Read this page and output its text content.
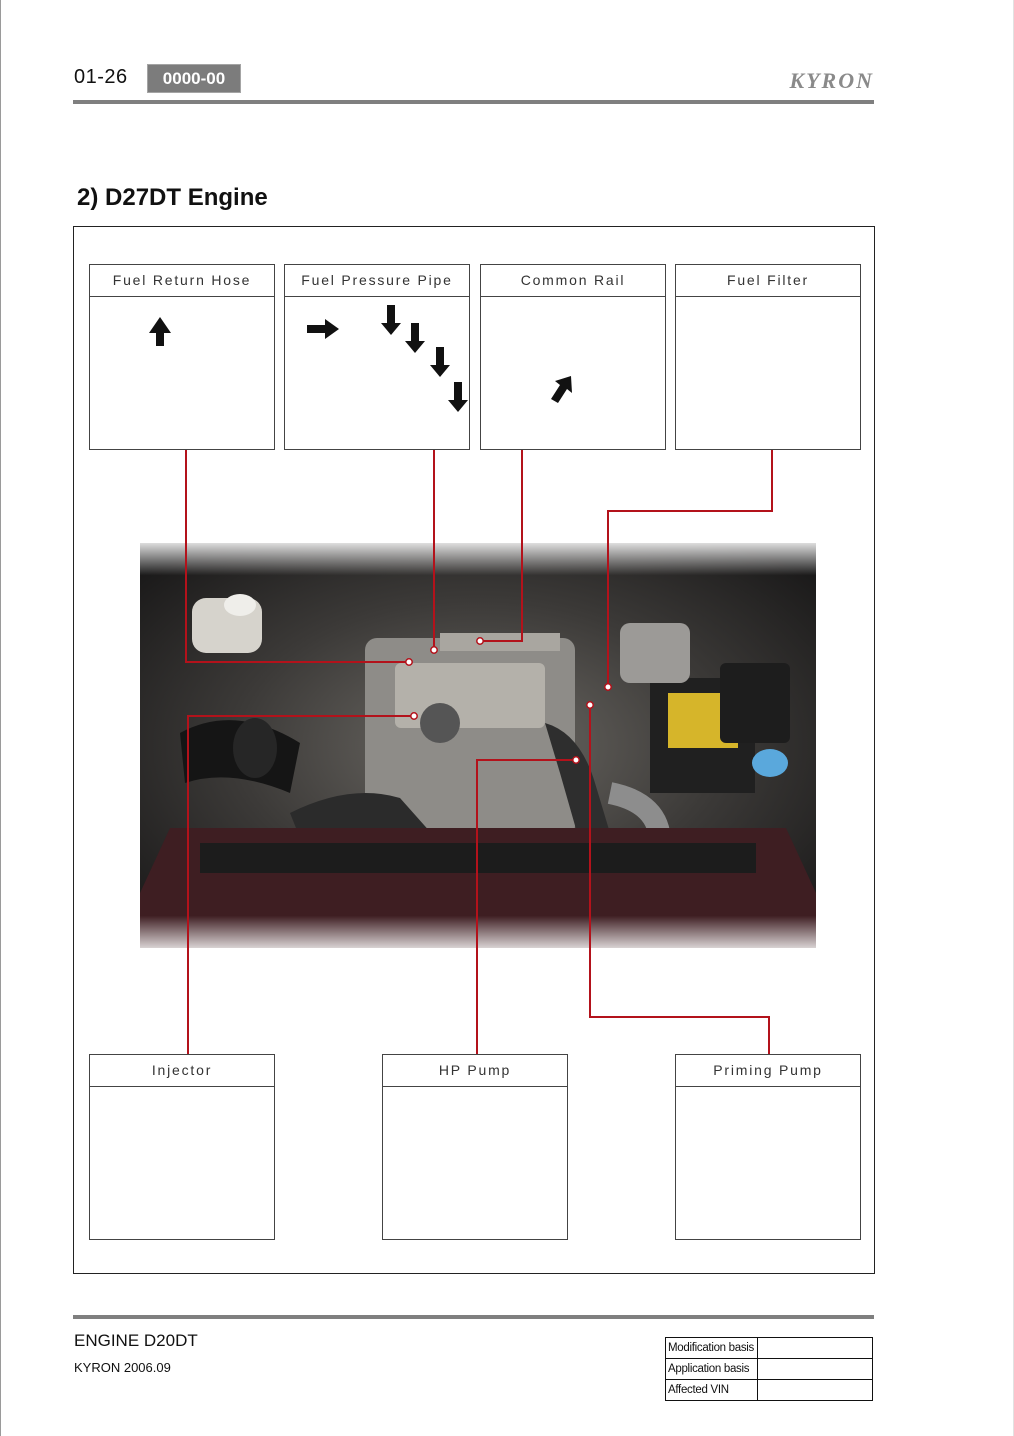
01-26	0000-00	KYRON
2) D27DT Engine
Fuel Return Hose	Fuel Pressure Pipe	Common Rail	Fuel Filter
Injector	HP Pump	Priming Pump
ENGINE D20DT
KYRON 2006.09
Modification basis	
Application basis	
Affected VIN	
